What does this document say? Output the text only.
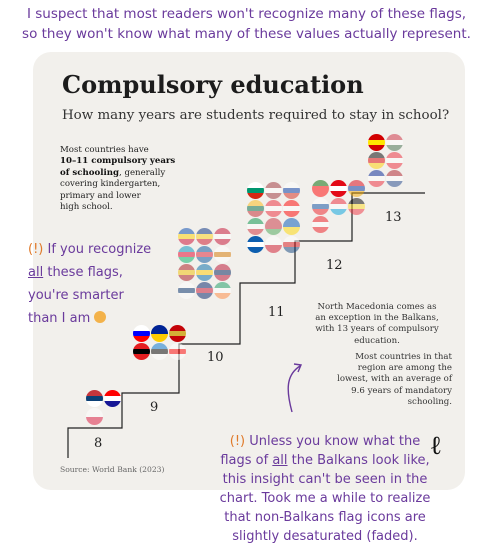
I suspect that most readers won't recognize many of these flags,
so they won't know what many of these values actually represent.
Compulsory education
How many years are students required to stay in school?
Most countries have
10–11 compulsory years
of schooling, generally
covering kindergarten,
primary and lower
high school.
8
9
10
11
12
13
North Macedonia comes as
an exception in the Balkans,
with 13 years of compulsory
education.
Most countries in that
region are among the
lowest, with an average of
9.6 years of mandatory
schooling.
Source: World Bank (2023)
ℓ
(!) If you recognize
all these flags,
you're smarter
than I am
(!) Unless you know what the
flags of all the Balkans look like,
this insight can't be seen in the
chart. Took me a while to realize
that non-Balkans flag icons are
slightly desaturated (faded).
